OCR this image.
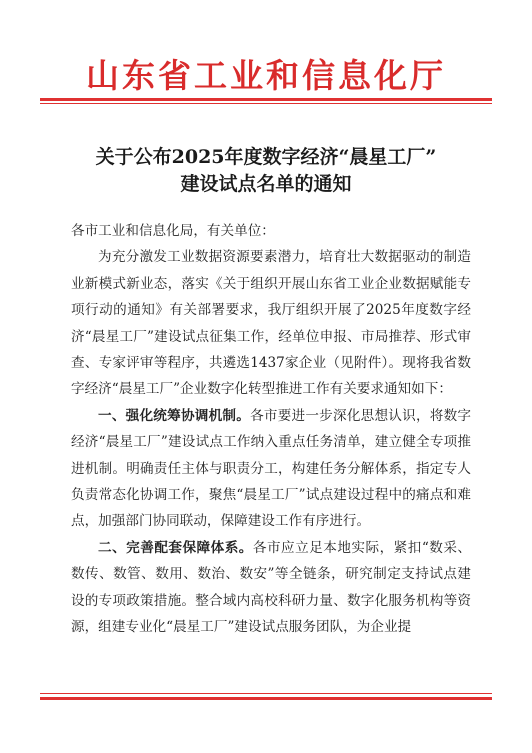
山东省工业和信息化厅
关于公布2025年度数字经济“晨星工厂”
建设试点名单的通知

各市工业和信息化局，有关单位：

为充分激发工业数据资源要素潜力，培育壮大数据驱动的制造业新模式新业态，落实《关于组织开展山东省工业企业数据赋能专项行动的通知》有关部署要求，我厅组织开展了2025年度数字经济“晨星工厂”建设试点征集工作，经单位申报、市局推荐、形式审查、专家评审等程序，共遴选1437家企业（见附件）。现将我省数字经济“晨星工厂”企业数字化转型推进工作有关要求通知如下：

一、强化统筹协调机制。各市要进一步深化思想认识，将数字经济“晨星工厂”建设试点工作纳入重点任务清单，建立健全专项推进机制。明确责任主体与职责分工，构建任务分解体系，指定专人负责常态化协调工作，聚焦“晨星工厂”试点建设过程中的痛点和难点，加强部门协同联动，保障建设工作有序进行。

二、完善配套保障体系。各市应立足本地实际，紧扣“数采、数传、数管、数用、数治、数安”等全链条，研究制定支持试点建设的专项政策措施。整合域内高校科研力量、数字化服务机构等资源，组建专业化“晨星工厂”建设试点服务团队，为企业提
